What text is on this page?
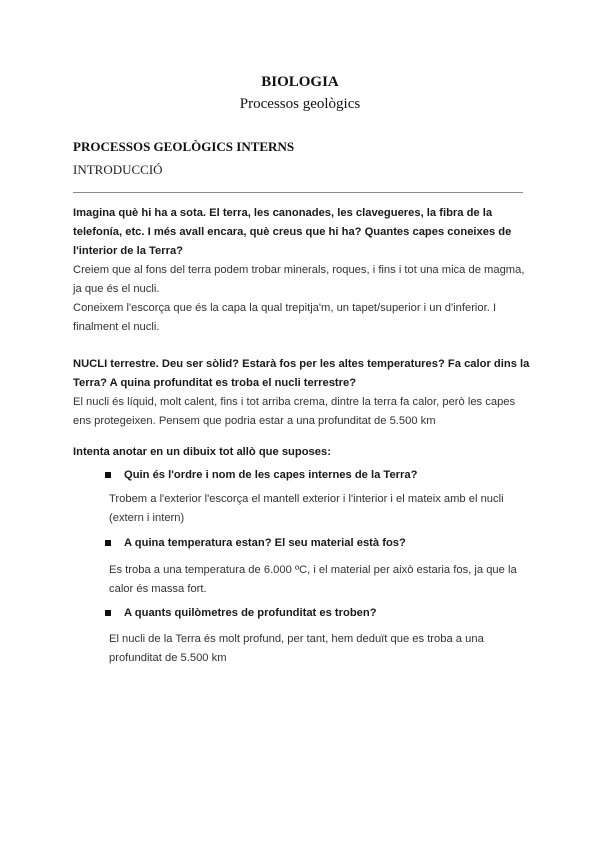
BIOLOGIA
Processos geològics
PROCESSOS GEOLÒGICS INTERNS
INTRODUCCIÓ

Imagina què hi ha a sota. El terra, les canonades, les clavegueres, la fibra de la telefonía, etc. I més avall encara, què creus que hi ha? Quantes capes coneixes de l'interior de la Terra?

Creiem que al fons del terra podem trobar minerals, roques, i fins i tot una mica de magma, ja que és el nucli.

Coneixem l'escorça que és la capa la qual trepitja'm, un tapet/superior i un d'inferior. I finalment el nucli.

NUCLI terrestre. Deu ser sòlid? Estarà fos per les altes temperatures? Fa calor dins la Terra? A quina profunditat es troba el nucli terrestre?

El nucli és líquid, molt calent, fins i tot arriba crema, dintre la terra fa calor, però les capes ens protegeixen. Pensem que podria estar a una profunditat de 5.500 km

Intenta anotar en un dibuix tot allò que suposes:

Quin és l'ordre i nom de les capes internes de la Terra?
Trobem a l'exterior l'escorça el mantell exterior i l'interior i el mateix amb el nucli (extern i intern)
A quina temperatura estan? El seu material està fos?
Es troba a una temperatura de 6.000 ºC, i el material per això estaria fos, ja que la calor és massa fort.
A quants quilòmetres de profunditat es troben?
El nucli de la Terra és molt profund, per tant, hem deduït que es troba a una profunditat de 5.500 km
